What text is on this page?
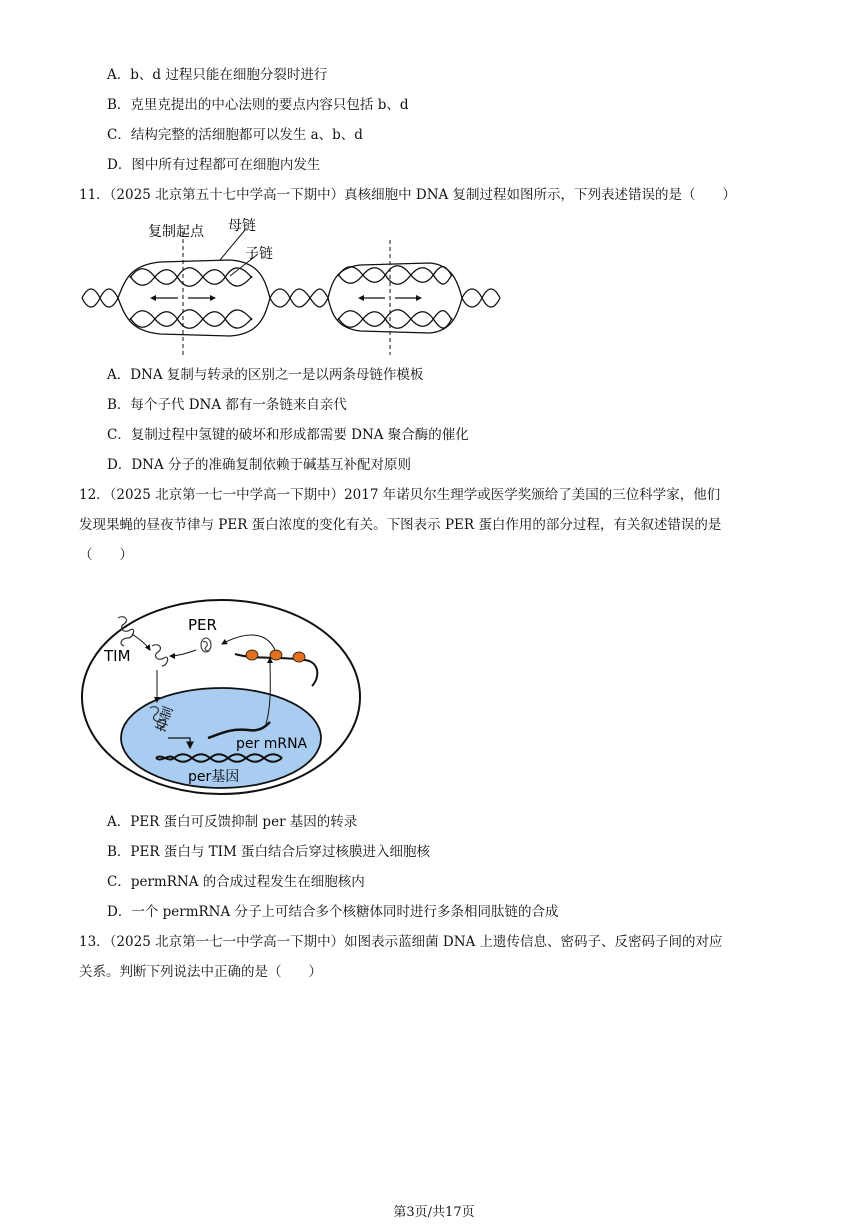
A．b、d 过程只能在细胞分裂时进行
B．克里克提出的中心法则的要点内容只包括 b、d
C．结构完整的活细胞都可以发生 a、b、d
D．图中所有过程都可在细胞内发生
11．（2025 北京第五十七中学高一下期中）真核细胞中 DNA 复制过程如图所示，下列表述错误的是（　　）
复制起点 母链
子链
A．DNA 复制与转录的区别之一是以两条母链作模板
B．每个子代 DNA 都有一条链来自亲代
C．复制过程中氢键的破坏和形成都需要 DNA 聚合酶的催化
D．DNA 分子的准确复制依赖于碱基互补配对原则
12．（2025 北京第一七一中学高一下期中）2017 年诺贝尔生理学或医学奖颁给了美国的三位科学家，他们
发现果蝇的昼夜节律与 PER 蛋白浓度的变化有关。下图表示 PER 蛋白作用的部分过程，有关叙述错误的是
（　　）
PER
TIM
抑制
per mRNA
per基因
A．PER 蛋白可反馈抑制 per 基因的转录
B．PER 蛋白与 TIM 蛋白结合后穿过核膜进入细胞核
C．permRNA 的合成过程发生在细胞核内
D．一个 permRNA 分子上可结合多个核糖体同时进行多条相同肽链的合成
13．（2025 北京第一七一中学高一下期中）如图表示蓝细菌 DNA 上遗传信息、密码子、反密码子间的对应
关系。判断下列说法中正确的是（　　）
第3页/共17页
